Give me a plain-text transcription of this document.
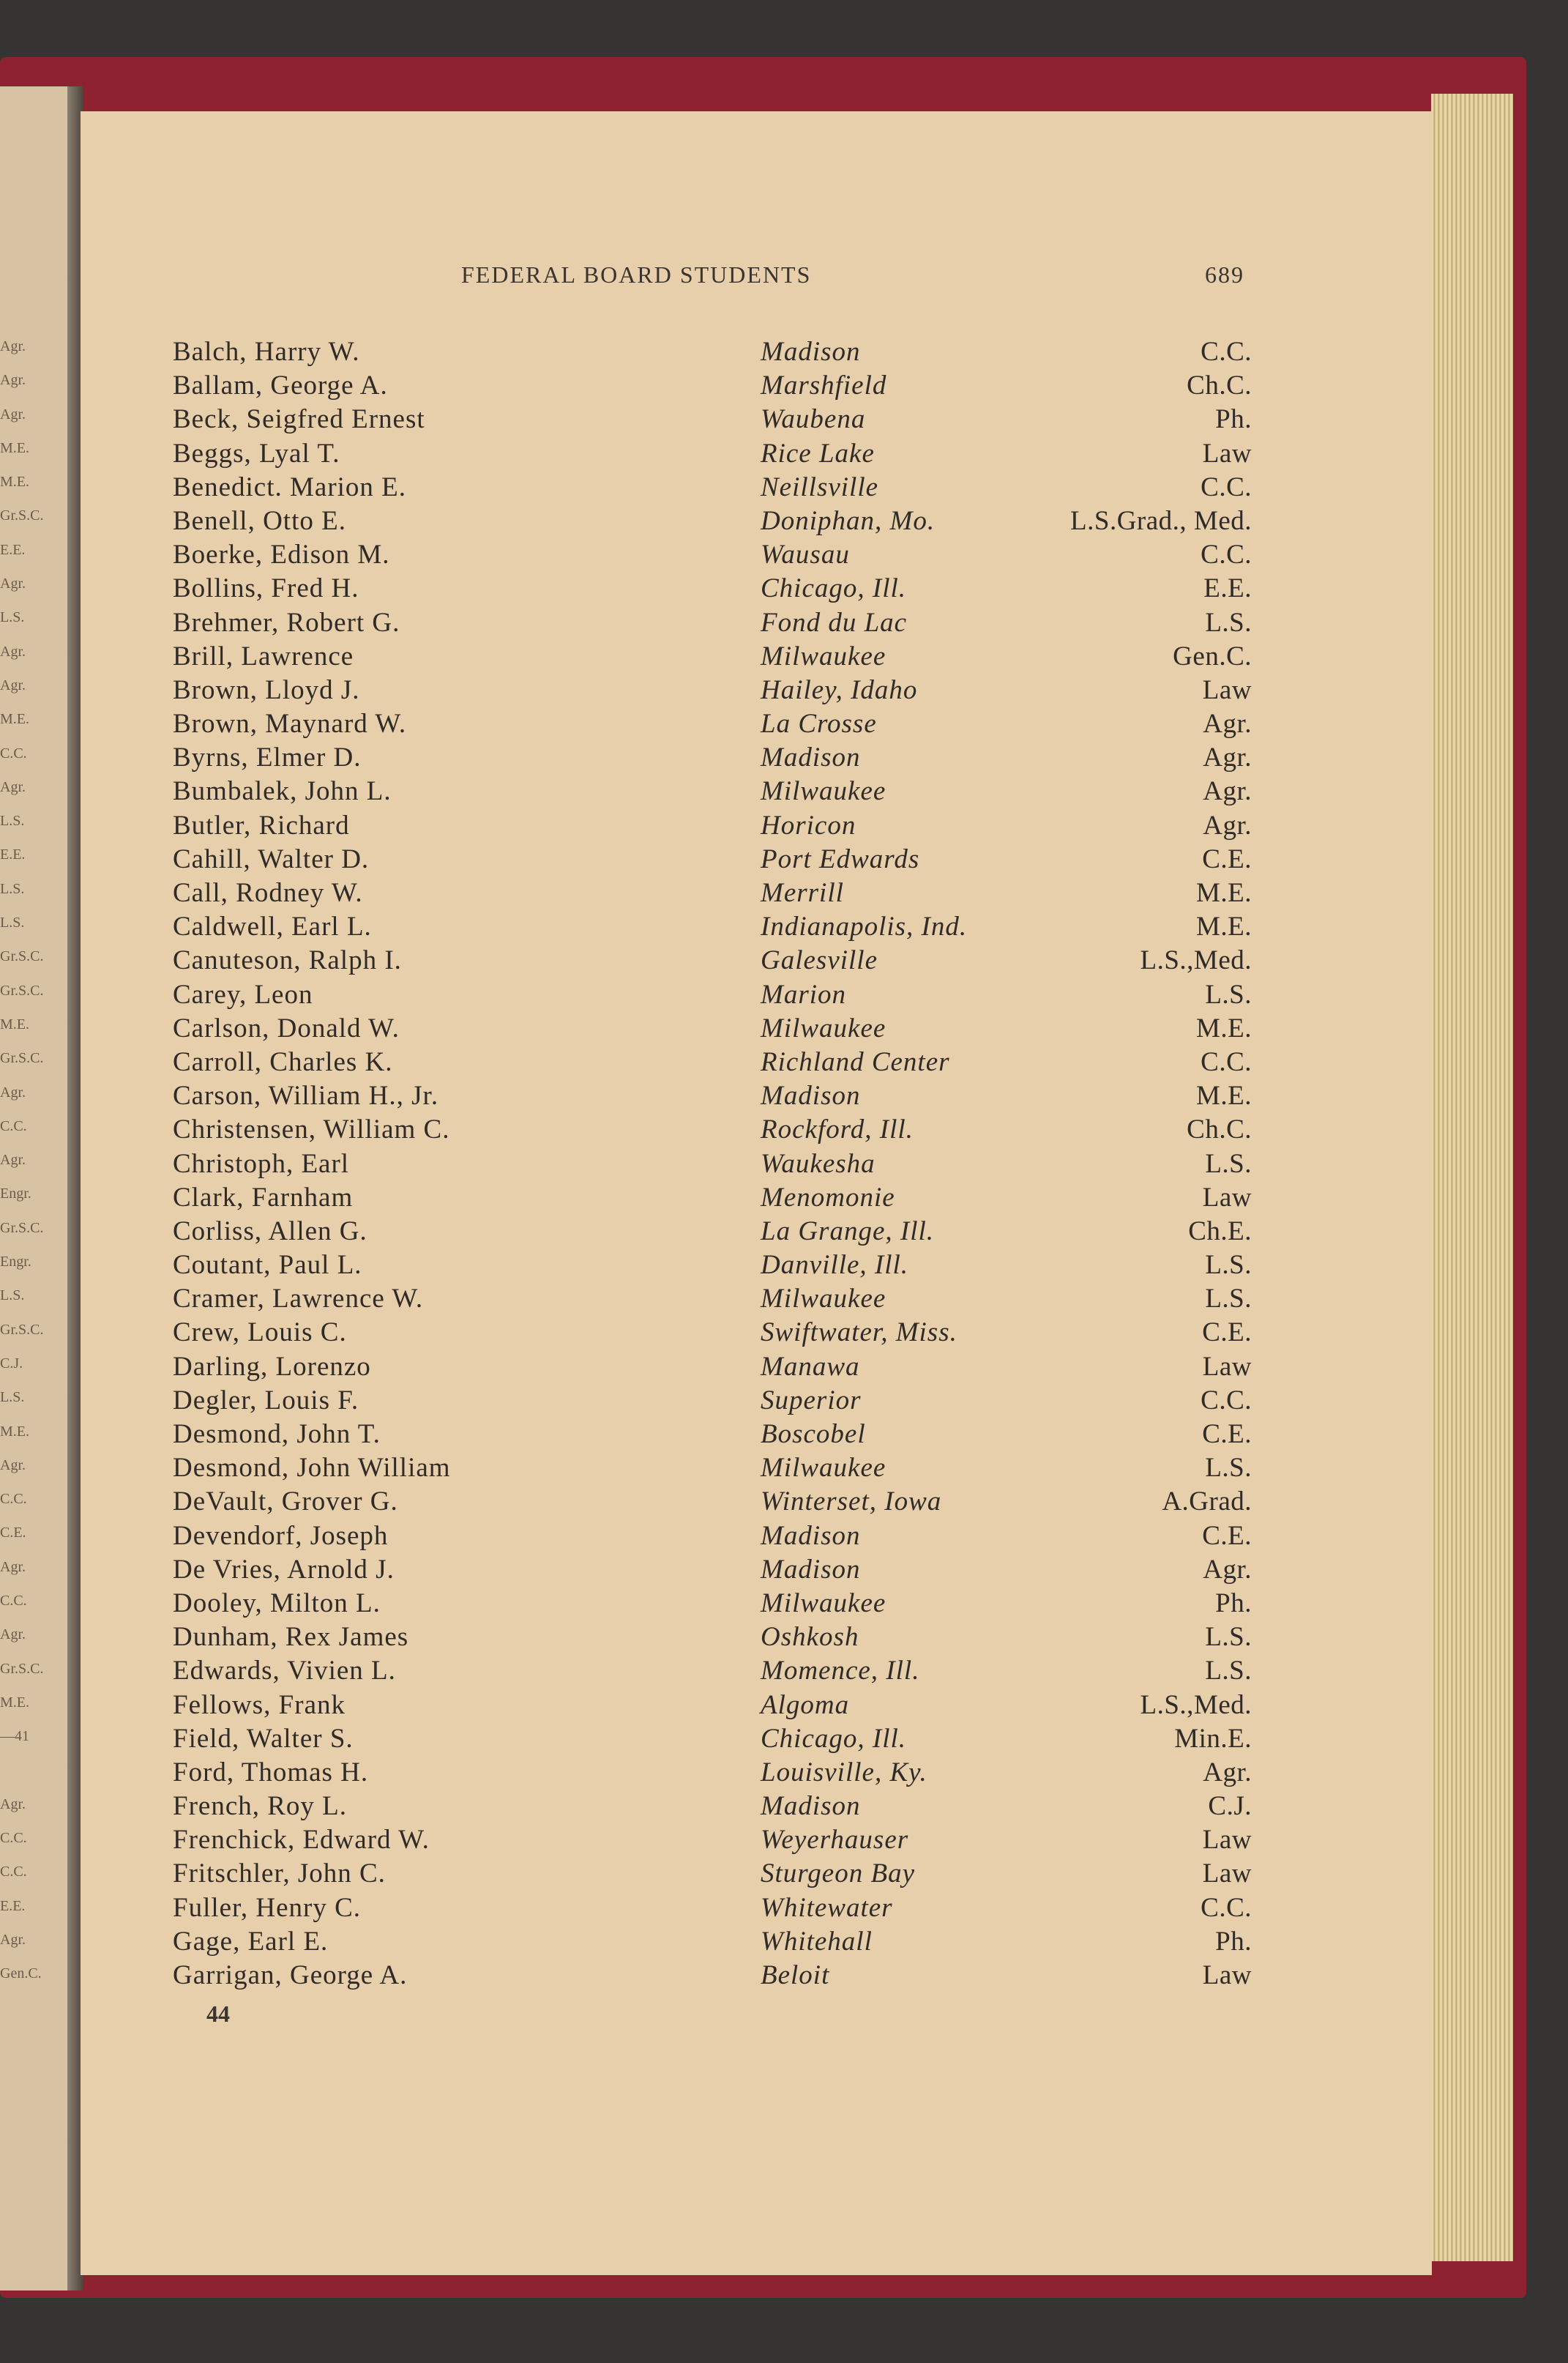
Agr.
Agr.
Agr.
M.E.
M.E.
Gr.S.C.
E.E.
Agr.
L.S.
Agr.
Agr.
M.E.
C.C.
Agr.
L.S.
E.E.
L.S.
L.S.
Gr.S.C.
Gr.S.C.
M.E.
Gr.S.C.
Agr.
C.C.
Agr.
Engr.
Gr.S.C.
Engr.
L.S.
Gr.S.C.
C.J.
L.S.
M.E.
Agr.
C.C.
C.E.
Agr.
C.C.
Agr.
Gr.S.C.
M.E.
—41
Agr.
C.C.
C.C.
E.E.
Agr.
Gen.C.
FEDERAL BOARD STUDENTS	689
Balch, Harry W.	Madison	C.C.
Ballam, George A.	Marshfield	Ch.C.
Beck, Seigfred Ernest	Waubena	Ph.
Beggs, Lyal T.	Rice Lake	Law
Benedict. Marion E.	Neillsville	C.C.
Benell, Otto E.	Doniphan, Mo.	L.S.Grad., Med.
Boerke, Edison M.	Wausau	C.C.
Bollins, Fred H.	Chicago, Ill.	E.E.
Brehmer, Robert G.	Fond du Lac	L.S.
Brill, Lawrence	Milwaukee	Gen.C.
Brown, Lloyd J.	Hailey, Idaho	Law
Brown, Maynard W.	La Crosse	Agr.
Byrns, Elmer D.	Madison	Agr.
Bumbalek, John L.	Milwaukee	Agr.
Butler, Richard	Horicon	Agr.
Cahill, Walter D.	Port Edwards	C.E.
Call, Rodney W.	Merrill	M.E.
Caldwell, Earl L.	Indianapolis, Ind.	M.E.
Canuteson, Ralph I.	Galesville	L.S.,Med.
Carey, Leon	Marion	L.S.
Carlson, Donald W.	Milwaukee	M.E.
Carroll, Charles K.	Richland Center	C.C.
Carson, William H., Jr.	Madison	M.E.
Christensen, William C.	Rockford, Ill.	Ch.C.
Christoph, Earl	Waukesha	L.S.
Clark, Farnham	Menomonie	Law
Corliss, Allen G.	La Grange, Ill.	Ch.E.
Coutant, Paul L.	Danville, Ill.	L.S.
Cramer, Lawrence W.	Milwaukee	L.S.
Crew, Louis C.	Swiftwater, Miss.	C.E.
Darling, Lorenzo	Manawa	Law
Degler, Louis F.	Superior	C.C.
Desmond, John T.	Boscobel	C.E.
Desmond, John William	Milwaukee	L.S.
DeVault, Grover G.	Winterset, Iowa	A.Grad.
Devendorf, Joseph	Madison	C.E.
De Vries, Arnold J.	Madison	Agr.
Dooley, Milton L.	Milwaukee	Ph.
Dunham, Rex James	Oshkosh	L.S.
Edwards, Vivien L.	Momence, Ill.	L.S.
Fellows, Frank	Algoma	L.S.,Med.
Field, Walter S.	Chicago, Ill.	Min.E.
Ford, Thomas H.	Louisville, Ky.	Agr.
French, Roy L.	Madison	C.J.
Frenchick, Edward W.	Weyerhauser	Law
Fritschler, John C.	Sturgeon Bay	Law
Fuller, Henry C.	Whitewater	C.C.
Gage, Earl E.	Whitehall	Ph.
Garrigan, George A.	Beloit	Law
44
